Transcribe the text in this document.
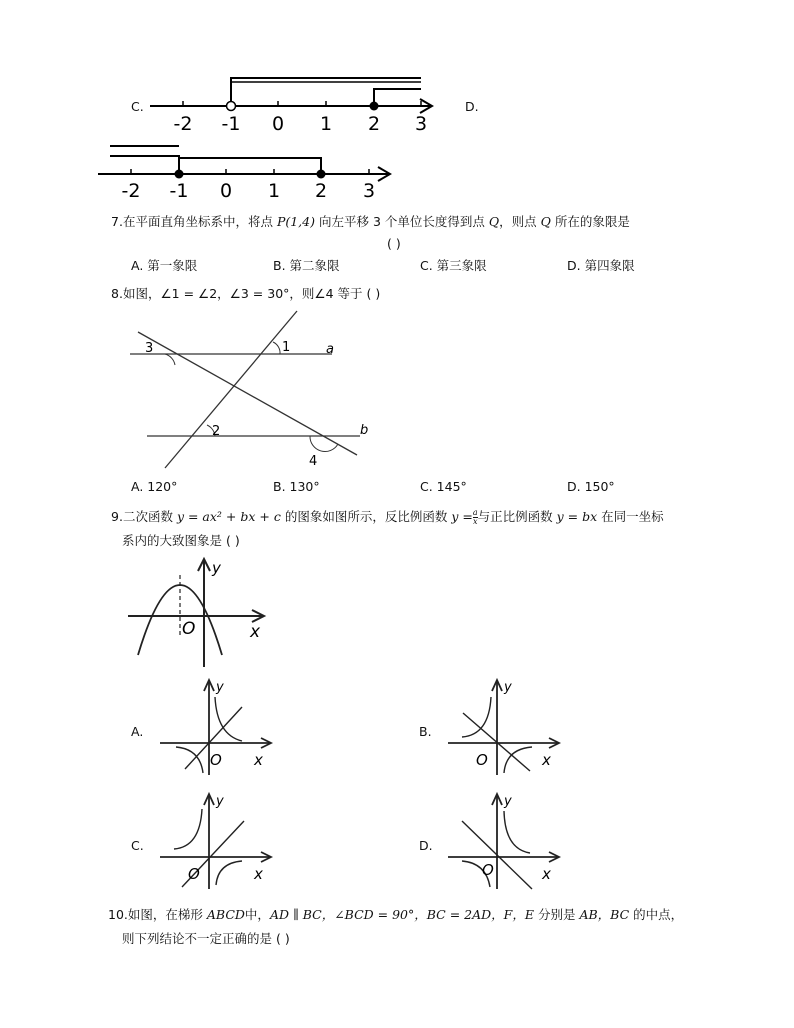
C.	D.
-2 -1 0 1 2 3
-2 -1 0 1 2 3
7.在平面直角坐标系中，将点 P(1,4) 向左平移 3 个单位长度得到点 Q，则点 Q 所在的象限是
( )
A. 第一象限	B. 第二象限	C. 第三象限	D. 第四象限
8.如图，∠1 = ∠2，∠3 = 30°，则∠4 等于 ( )
3	1	a
2	b
4
A. 120°	B. 130°	C. 145°	D. 150°
9.二次函数 y = ax² + bx + c 的图象如图所示，反比例函数 $y = \frac{a}{x}$ 与正比例函数 y = bx 在同一坐标
系内的大致图象是 ( )
O	x
y
A.	B.
C.	D.
O x
y
O	x
y
O	x
y
O	x
y
10.如图，在梯形 ABCD中，AD ∥ BC，∠BCD = 90°，BC = 2AD，F，E 分别是 AB，BC 的中点，
则下列结论不一定正确的是 ( )
